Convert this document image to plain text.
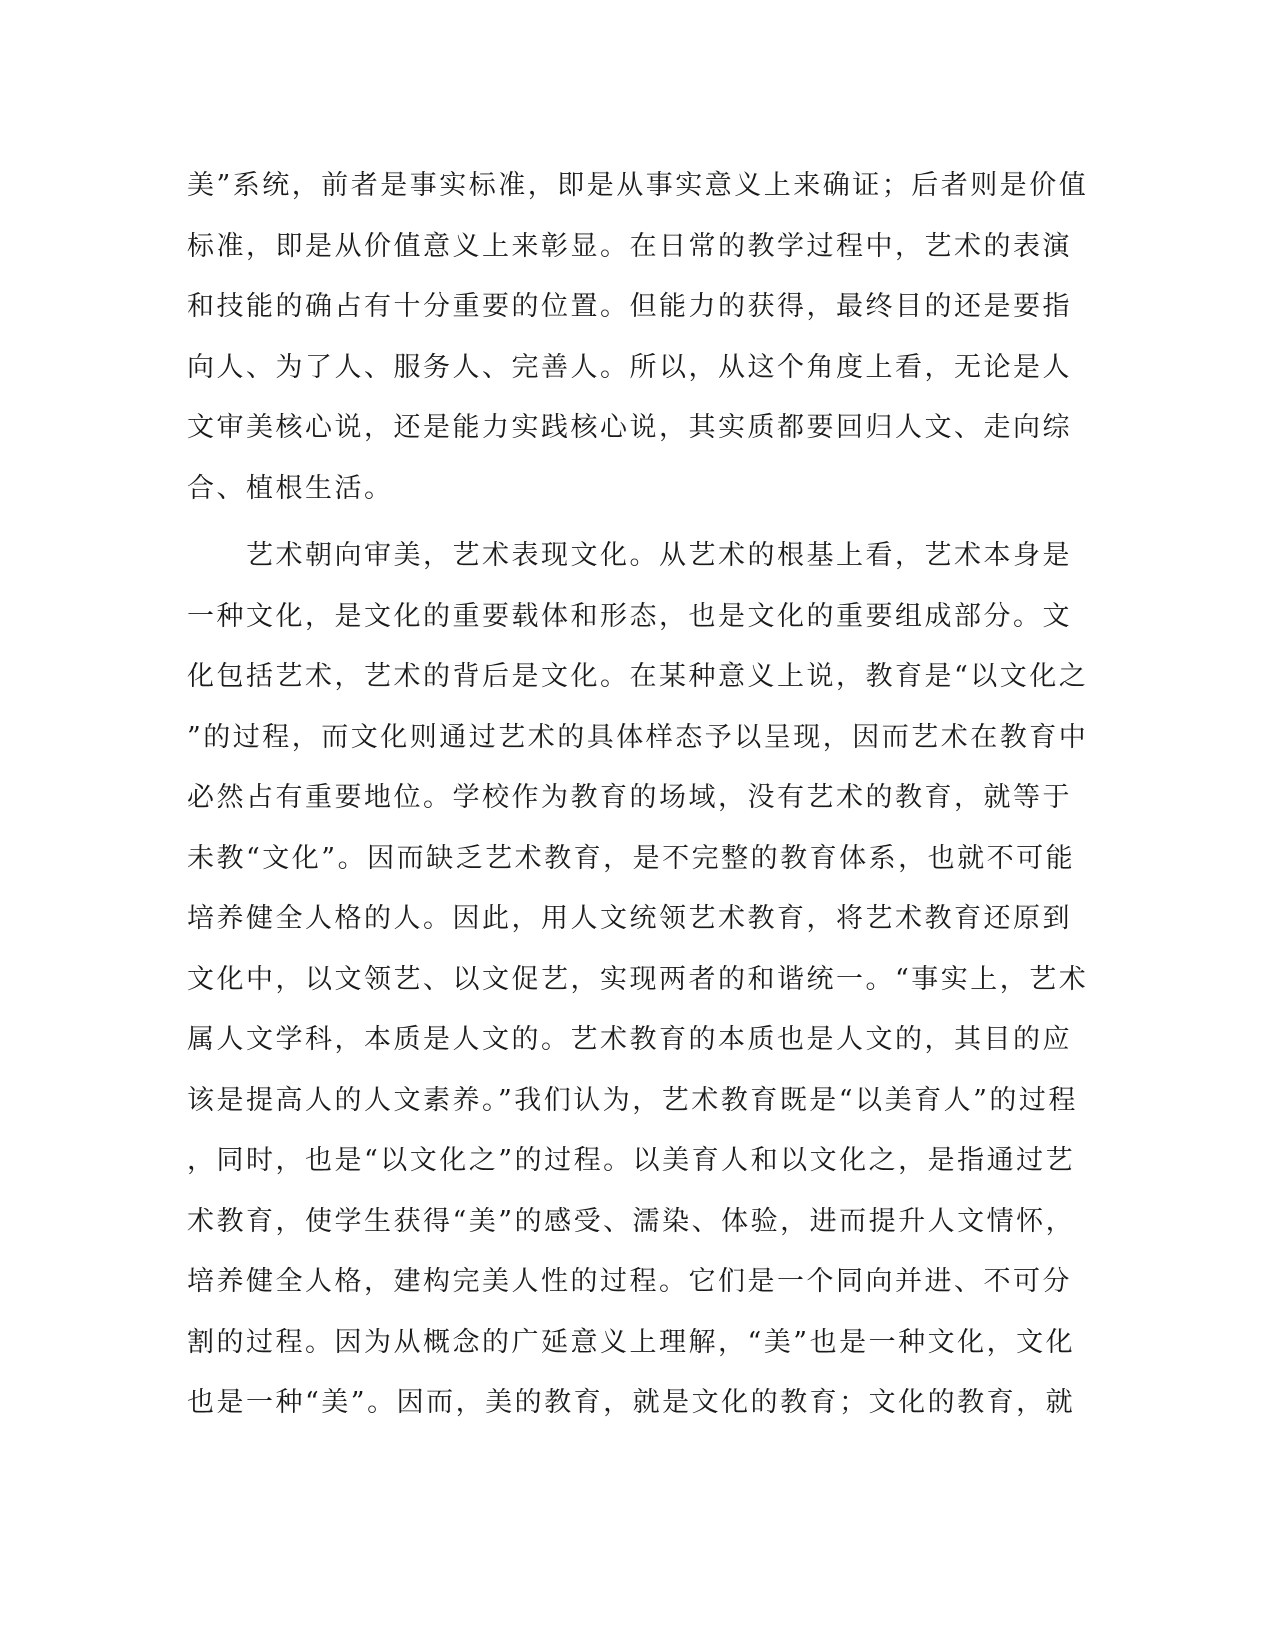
美”系统，前者是事实标准，即是从事实意义上来确证；后者则是价值
标准，即是从价值意义上来彰显。在日常的教学过程中，艺术的表演
和技能的确占有十分重要的位置。但能力的获得，最终目的还是要指
向人、为了人、服务人、完善人。所以，从这个角度上看，无论是人
文审美核心说，还是能力实践核心说，其实质都要回归人文、走向综
合、植根生活。
　　艺术朝向审美，艺术表现文化。从艺术的根基上看，艺术本身是
一种文化，是文化的重要载体和形态，也是文化的重要组成部分。文
化包括艺术，艺术的背后是文化。在某种意义上说，教育是“以文化之
”的过程，而文化则通过艺术的具体样态予以呈现，因而艺术在教育中
必然占有重要地位。学校作为教育的场域，没有艺术的教育，就等于
未教“文化”。因而缺乏艺术教育，是不完整的教育体系，也就不可能
培养健全人格的人。因此，用人文统领艺术教育，将艺术教育还原到
文化中，以文领艺、以文促艺，实现两者的和谐统一。“事实上，艺术
属人文学科，本质是人文的。艺术教育的本质也是人文的，其目的应
该是提高人的人文素养。”我们认为，艺术教育既是“以美育人”的过程
，同时，也是“以文化之”的过程。以美育人和以文化之，是指通过艺
术教育，使学生获得“美”的感受、濡染、体验，进而提升人文情怀，
培养健全人格，建构完美人性的过程。它们是一个同向并进、不可分
割的过程。因为从概念的广延意义上理解，“美”也是一种文化，文化
也是一种“美”。因而，美的教育，就是文化的教育；文化的教育，就
